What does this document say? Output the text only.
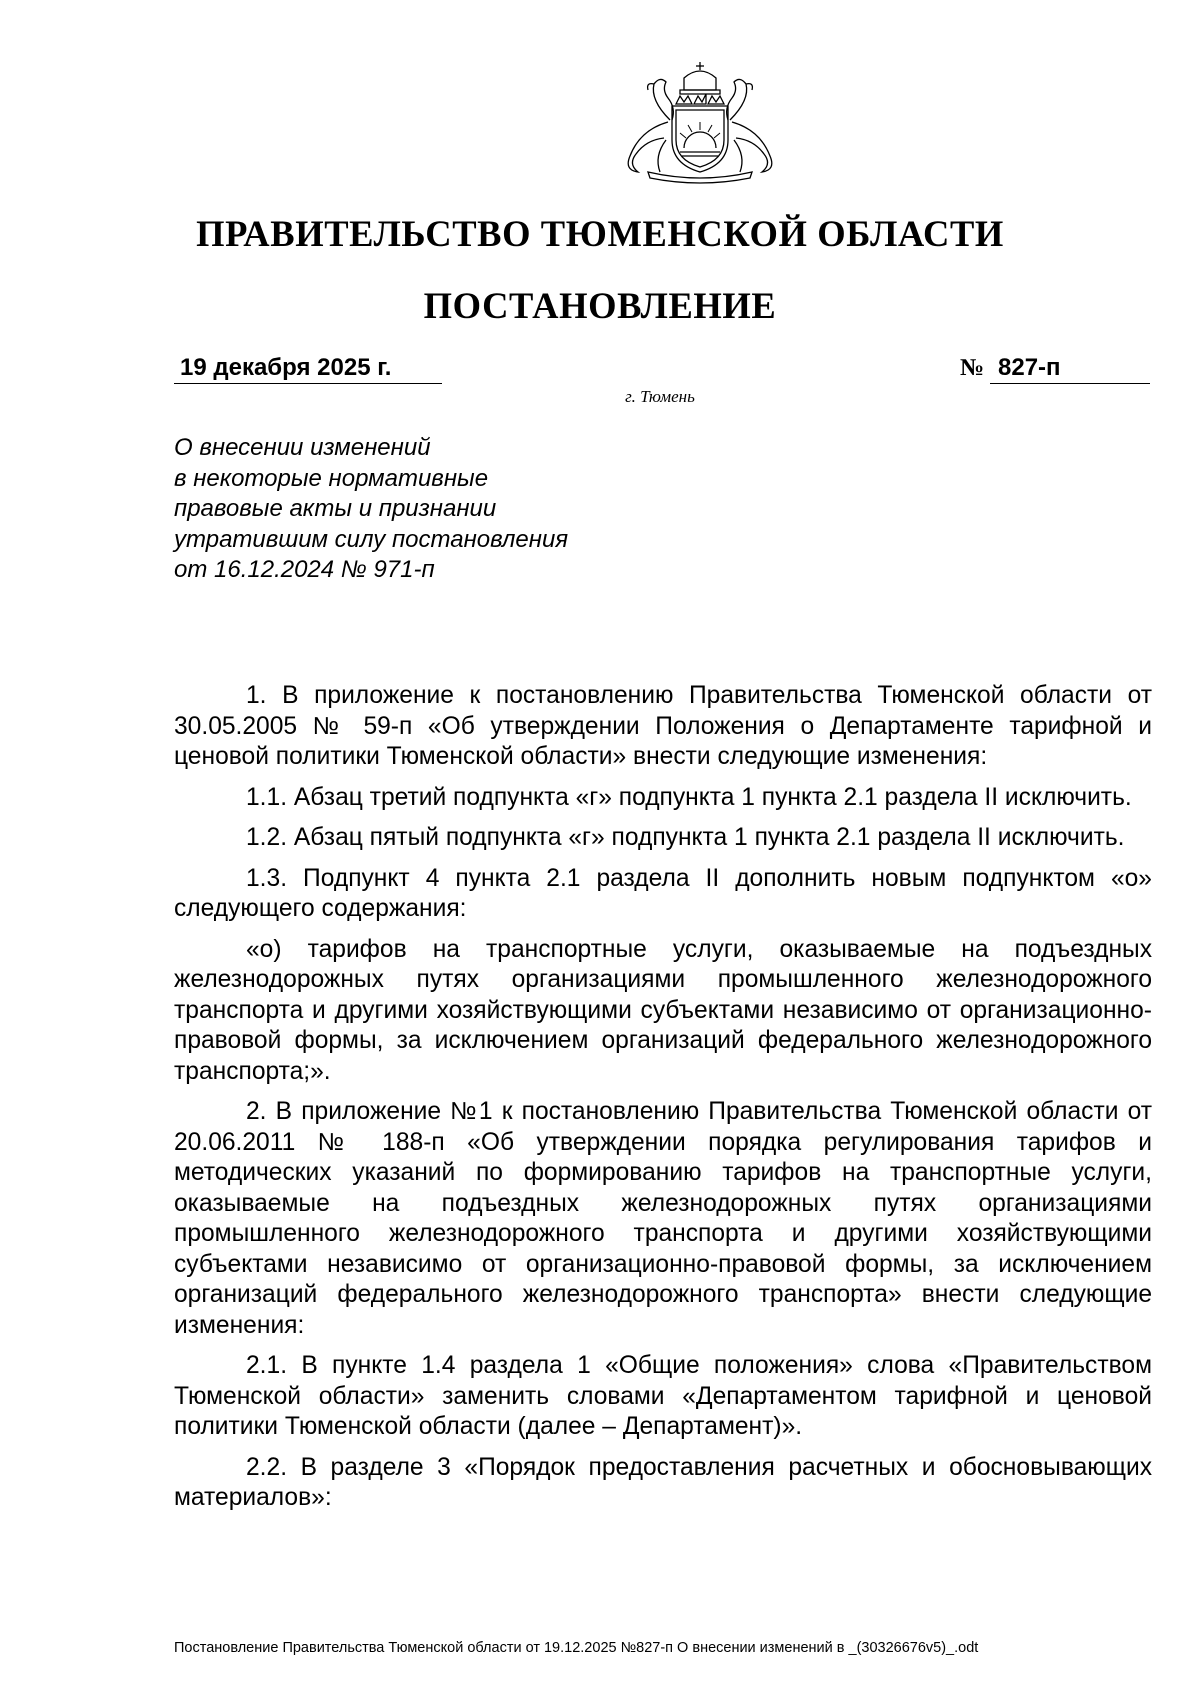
ПРАВИТЕЛЬСТВО ТЮМЕНСКОЙ ОБЛАСТИ
ПОСТАНОВЛЕНИЕ
19 декабря 2025 г.	№ 827-п
г. Тюмень
О внесении изменений
в некоторые нормативные
правовые акты и признании
утратившим силу постановления
от 16.12.2024 № 971-п

1. В приложение к постановлению Правительства Тюменской области от 30.05.2005 № 59-п «Об утверждении Положения о Департаменте тарифной и ценовой политики Тюменской области» внести следующие изменения:

1.1. Абзац третий подпункта «г» подпункта 1 пункта 2.1 раздела II исключить.

1.2. Абзац пятый подпункта «г» подпункта 1 пункта 2.1 раздела II исключить.

1.3. Подпункт 4 пункта 2.1 раздела II дополнить новым подпунктом «о» следующего содержания:

«о) тарифов на транспортные услуги, оказываемые на подъездных железнодорожных путях организациями промышленного железнодорожного транспорта и другими хозяйствующими субъектами независимо от организационно-правовой формы, за исключением организаций федерального железнодорожного транспорта;».

2. В приложение №1 к постановлению Правительства Тюменской области от 20.06.2011 № 188-п «Об утверждении порядка регулирования тарифов и методических указаний по формированию тарифов на транспортные услуги, оказываемые на подъездных железнодорожных путях организациями промышленного железнодорожного транспорта и другими хозяйствующими субъектами независимо от организационно-правовой формы, за исключением организаций федерального железнодорожного транспорта» внести следующие изменения:

2.1. В пункте 1.4 раздела 1 «Общие положения» слова «Правительством Тюменской области» заменить словами «Департаментом тарифной и ценовой политики Тюменской области (далее – Департамент)».

2.2. В разделе 3 «Порядок предоставления расчетных и обосновывающих материалов»:

Постановление Правительства Тюменской области от 19.12.2025 №827-п О внесении изменений в _(30326676v5)_.odt
